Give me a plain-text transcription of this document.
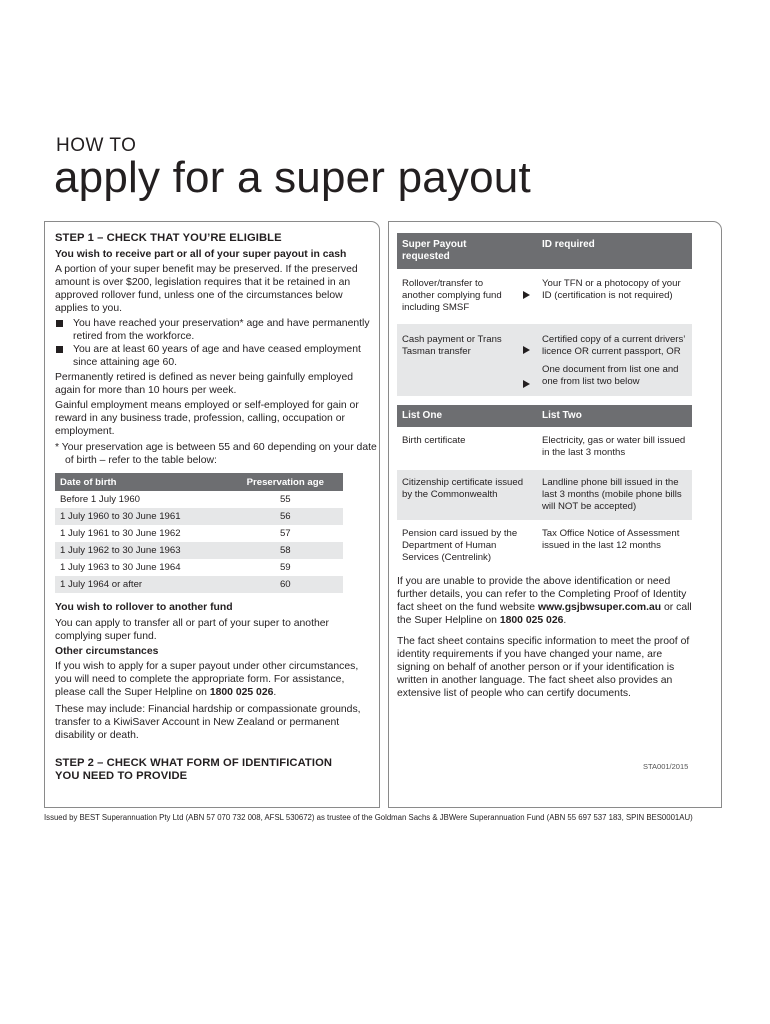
HOW TO
apply for a super payout
STEP 1 – CHECK THAT YOU’RE ELIGIBLE
You wish to receive part or all of your super payout in cash
A portion of your super benefit may be preserved. If the preserved amount is over $200, legislation requires that it be retained in an approved rollover fund, unless one of the circumstances below applies to you.
You have reached your preservation* age and have permanently retired from the workforce.
You are at least 60 years of age and have ceased employment since attaining age 60.
Permanently retired is defined as never being gainfully employed again for more than 10 hours per week.
Gainful employment means employed or self-employed for gain or reward in any business trade, profession, calling, occupation or employment.
* Your preservation age is between 55 and 60 depending on your date of birth – refer to the table below:
Date of birth	Preservation age
Before 1 July 1960	55
1 July 1960 to 30 June 1961	56
1 July 1961 to 30 June 1962	57
1 July 1962 to 30 June 1963	58
1 July 1963 to 30 June 1964	59
1 July 1964 or after	60
You wish to rollover to another fund
You can apply to transfer all or part of your super to another complying super fund.
Other circumstances
If you wish to apply for a super payout under other circumstances, you will need to complete the appropriate form. For assistance, please call the Super Helpline on 1800 025 026.
These may include: Financial hardship or compassionate grounds, transfer to a KiwiSaver Account in New Zealand or permanent disability or death.
STEP 2 – CHECK WHAT FORM OF IDENTIFICATION
YOU NEED TO PROVIDE
Super Payout requested		ID required
Rollover/transfer to another complying fund including SMSF		Your TFN or a photocopy of your ID (certification is not required)
Cash payment or Trans Tasman transfer		Certified copy of a current drivers’ licence OR current passport, OR
One document from list one and one from list two below

List One	List Two
Birth certificate	Electricity, gas or water bill issued in the last 3 months
Citizenship certificate issued by the Commonwealth	Landline phone bill issued in the last 3 months (mobile phone bills will NOT be accepted)
Pension card issued by the Department of Human Services (Centrelink)	Tax Office Notice of Assessment issued in the last 12 months
If you are unable to provide the above identification or need further details, you can refer to the Completing Proof of Identity fact sheet on the fund website www.gsjbwsuper.com.au or call the Super Helpline on 1800 025 026.
The fact sheet contains specific information to meet the proof of identity requirements if you have changed your name, are signing on behalf of another person or if your identification is written in another language. The fact sheet also provides an extensive list of people who can certify documents.
STA001/2015
Issued by BEST Superannuation Pty Ltd (ABN 57 070 732 008, AFSL 530672) as trustee of the Goldman Sachs & JBWere Superannuation Fund (ABN 55 697 537 183, SPIN BES0001AU)
